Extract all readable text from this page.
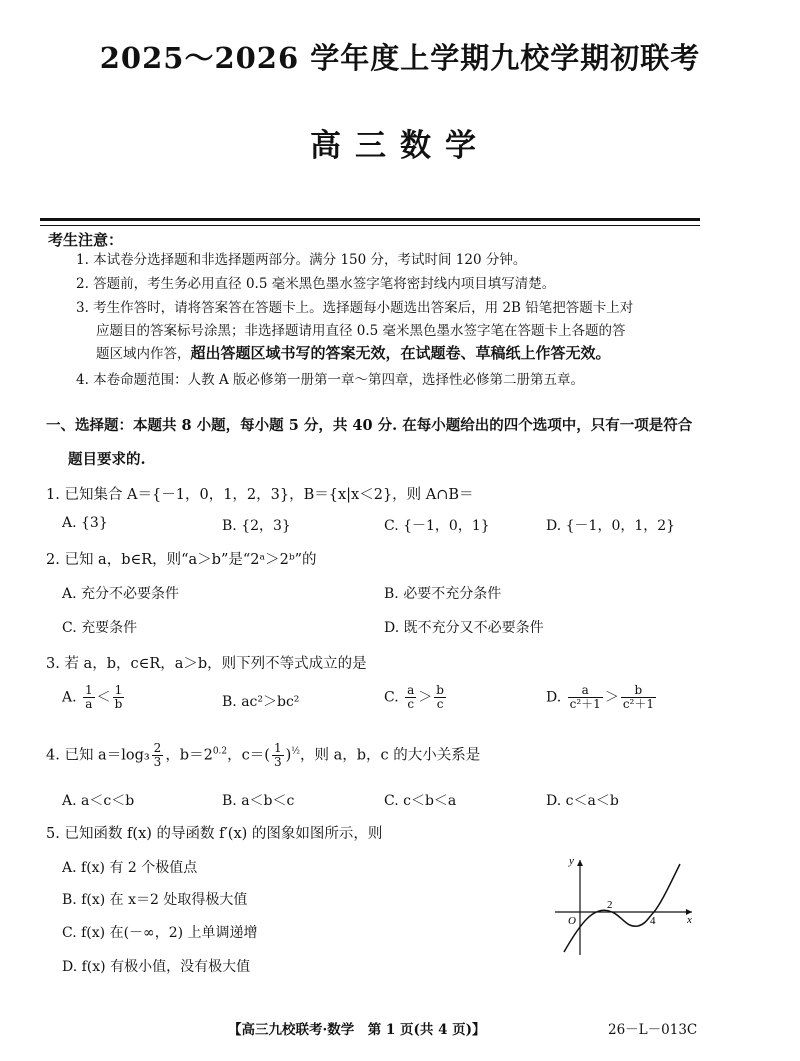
2025～2026 学年度上学期九校学期初联考
高三数学
考生注意：
1. 本试卷分选择题和非选择题两部分。满分 150 分，考试时间 120 分钟。
2. 答题前，考生务必用直径 0.5 毫米黑色墨水签字笔将密封线内项目填写清楚。
3. 考生作答时，请将答案答在答题卡上。选择题每小题选出答案后，用 2B 铅笔把答题卡上对
应题目的答案标号涂黑；非选择题请用直径 0.5 毫米黑色墨水签字笔在答题卡上各题的答
题区域内作答，超出答题区域书写的答案无效，在试题卷、草稿纸上作答无效。
4. 本卷命题范围：人教 A 版必修第一册第一章～第四章，选择性必修第二册第五章。
一、选择题：本题共 8 小题，每小题 5 分，共 40 分. 在每小题给出的四个选项中，只有一项是符合
题目要求的.
1. 已知集合 A＝{－1，0，1，2，3}，B＝{x|x＜2}，则 A∩B＝
A. {3}	B. {2，3}	C. {－1，0，1}	D. {－1，0，1，2}
2. 已知 a，b∈R，则“a＞b”是“2ᵃ＞2ᵇ”的
A. 充分不必要条件	B. 必要不充分条件
C. 充要条件	D. 既不充分又不必要条件
3. 若 a，b，c∈R，a＞b，则下列不等式成立的是
A. $\frac{1}{a} < \frac{1}{b}$	B. ac²＞bc²	C. $\frac{a}{c} > \frac{b}{c}$	D. $\frac{a}{\text{c²＋1}} > \frac{b}{\text{c²＋1}}$
4. 已知 $a=\log_3 \frac{2}{3}$ ，$b=2^{0.2}$，$c=( \frac{1}{3} )^{\frac{1}{2}}$，则 a，b，c 的大小关系是
A. a＜c＜b	B. a＜b＜c	C. c＜b＜a	D. c＜a＜b
5. 已知函数 f(x) 的导函数 f′(x) 的图象如图所示，则
A. f(x) 有 2 个极值点
B. f(x) 在 x＝2 处取得极大值
C. f(x) 在(－∞，2) 上单调递增
D. f(x) 有极小值，没有极大值
y
x
O
2
4
【高三九校联考·数学　第 1 页(共 4 页)】	26－L－013C
